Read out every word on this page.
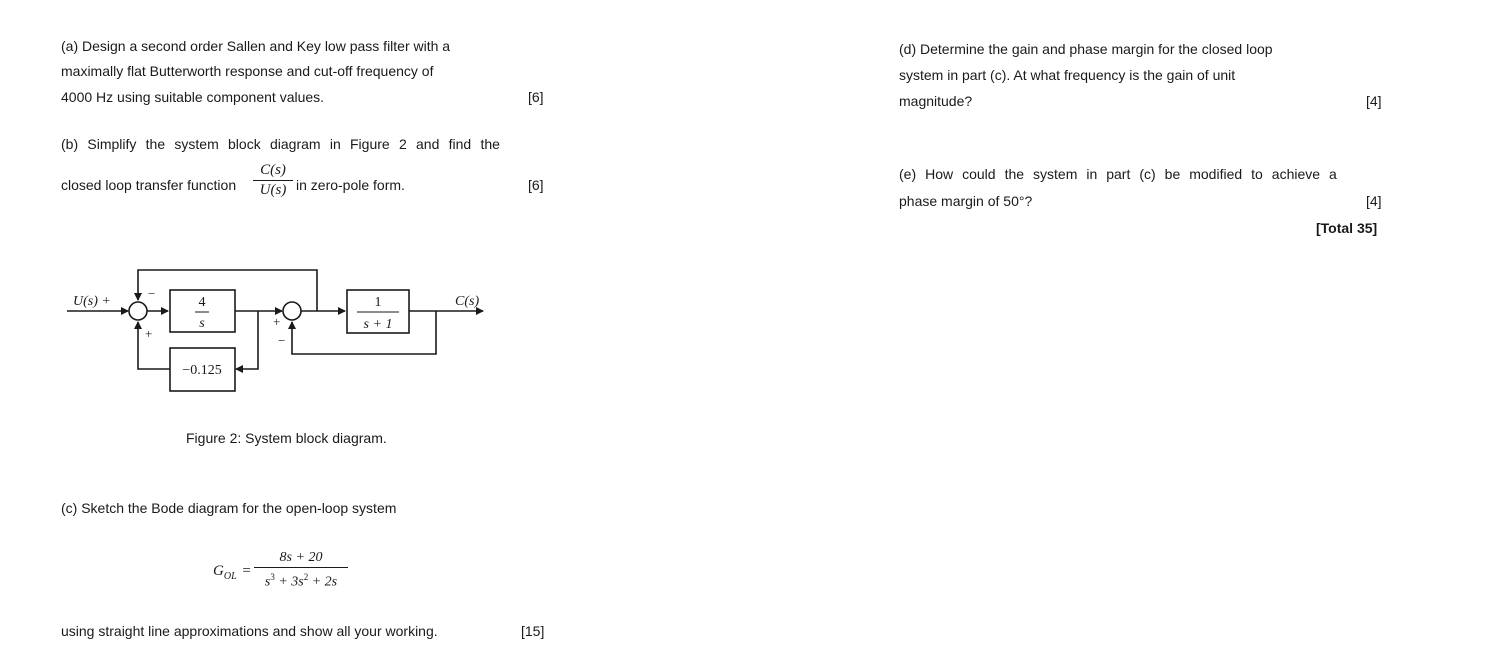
(a) Design a second order Sallen and Key low pass filter with a
maximally flat Butterworth response and cut-off frequency of
4000 Hz using suitable component values.	[6]
(b) Simplify the system block diagram in Figure 2 and find the
closed loop transfer function
C(s)
U(s) in zero-pole form.	[6]
U(s) +	C(s)
4
s
1
s + 1
−0.125
−
+
+
−
Figure 2: System block diagram.
(c) Sketch the Bode diagram for the open-loop system
$G_{OL}$ =
8s + 20
$s^3 + 3s^2 + 2s$
using straight line approximations and show all your working.	[15]
(d) Determine the gain and phase margin for the closed loop
system in part (c). At what frequency is the gain of unit
magnitude?	[4]
(e) How could the system in part (c) be modified to achieve a
phase margin of 50°?	[4]
[Total 35]
